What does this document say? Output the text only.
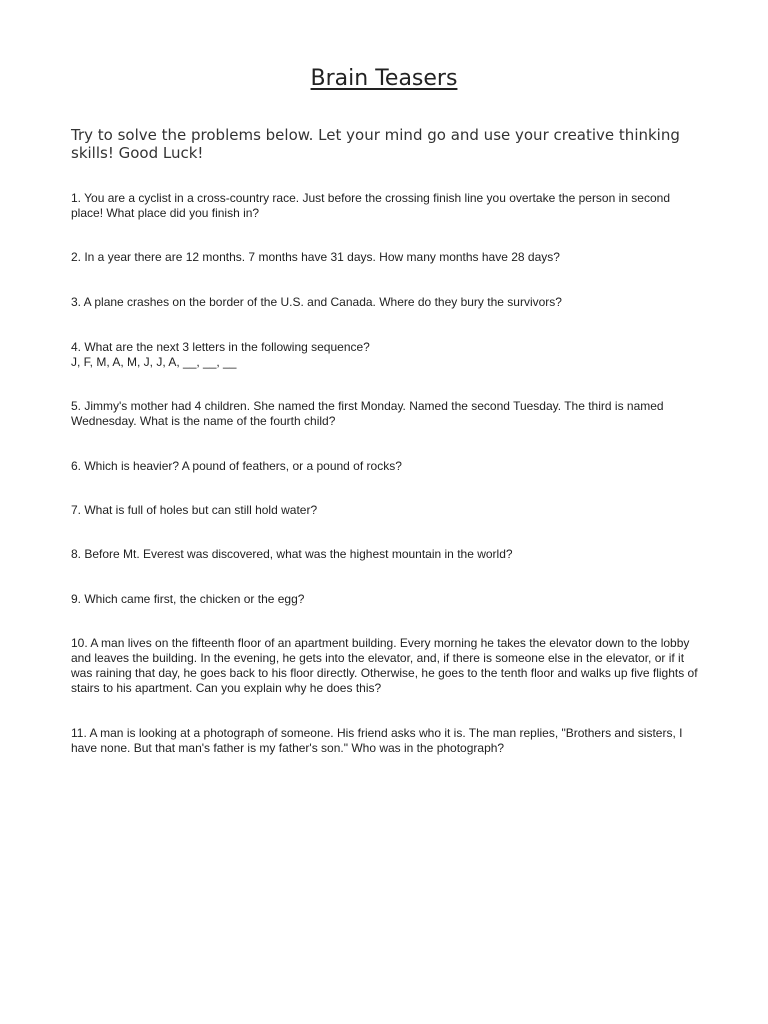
Brain Teasers

Try to solve the problems below. Let your mind go and use your creative thinking skills! Good Luck!

1. You are a cyclist in a cross-country race. Just before the crossing finish line you overtake the person in second place! What place did you finish in?

2. In a year there are 12 months. 7 months have 31 days. How many months have 28 days?

3. A plane crashes on the border of the U.S. and Canada. Where do they bury the survivors?

4. What are the next 3 letters in the following sequence?
J, F, M, A, M, J, J, A, __, __, __

5. Jimmy's mother had 4 children. She named the first Monday. Named the second Tuesday. The third is named Wednesday. What is the name of the fourth child?

6. Which is heavier? A pound of feathers, or a pound of rocks?

7. What is full of holes but can still hold water?

8. Before Mt. Everest was discovered, what was the highest mountain in the world?

9. Which came first, the chicken or the egg?

10. A man lives on the fifteenth floor of an apartment building. Every morning he takes the elevator down to the lobby and leaves the building. In the evening, he gets into the elevator, and, if there is someone else in the elevator, or if it was raining that day, he goes back to his floor directly. Otherwise, he goes to the tenth floor and walks up five flights of stairs to his apartment. Can you explain why he does this?

11. A man is looking at a photograph of someone. His friend asks who it is. The man replies, "Brothers and sisters, I have none. But that man's father is my father's son." Who was in the photograph?
